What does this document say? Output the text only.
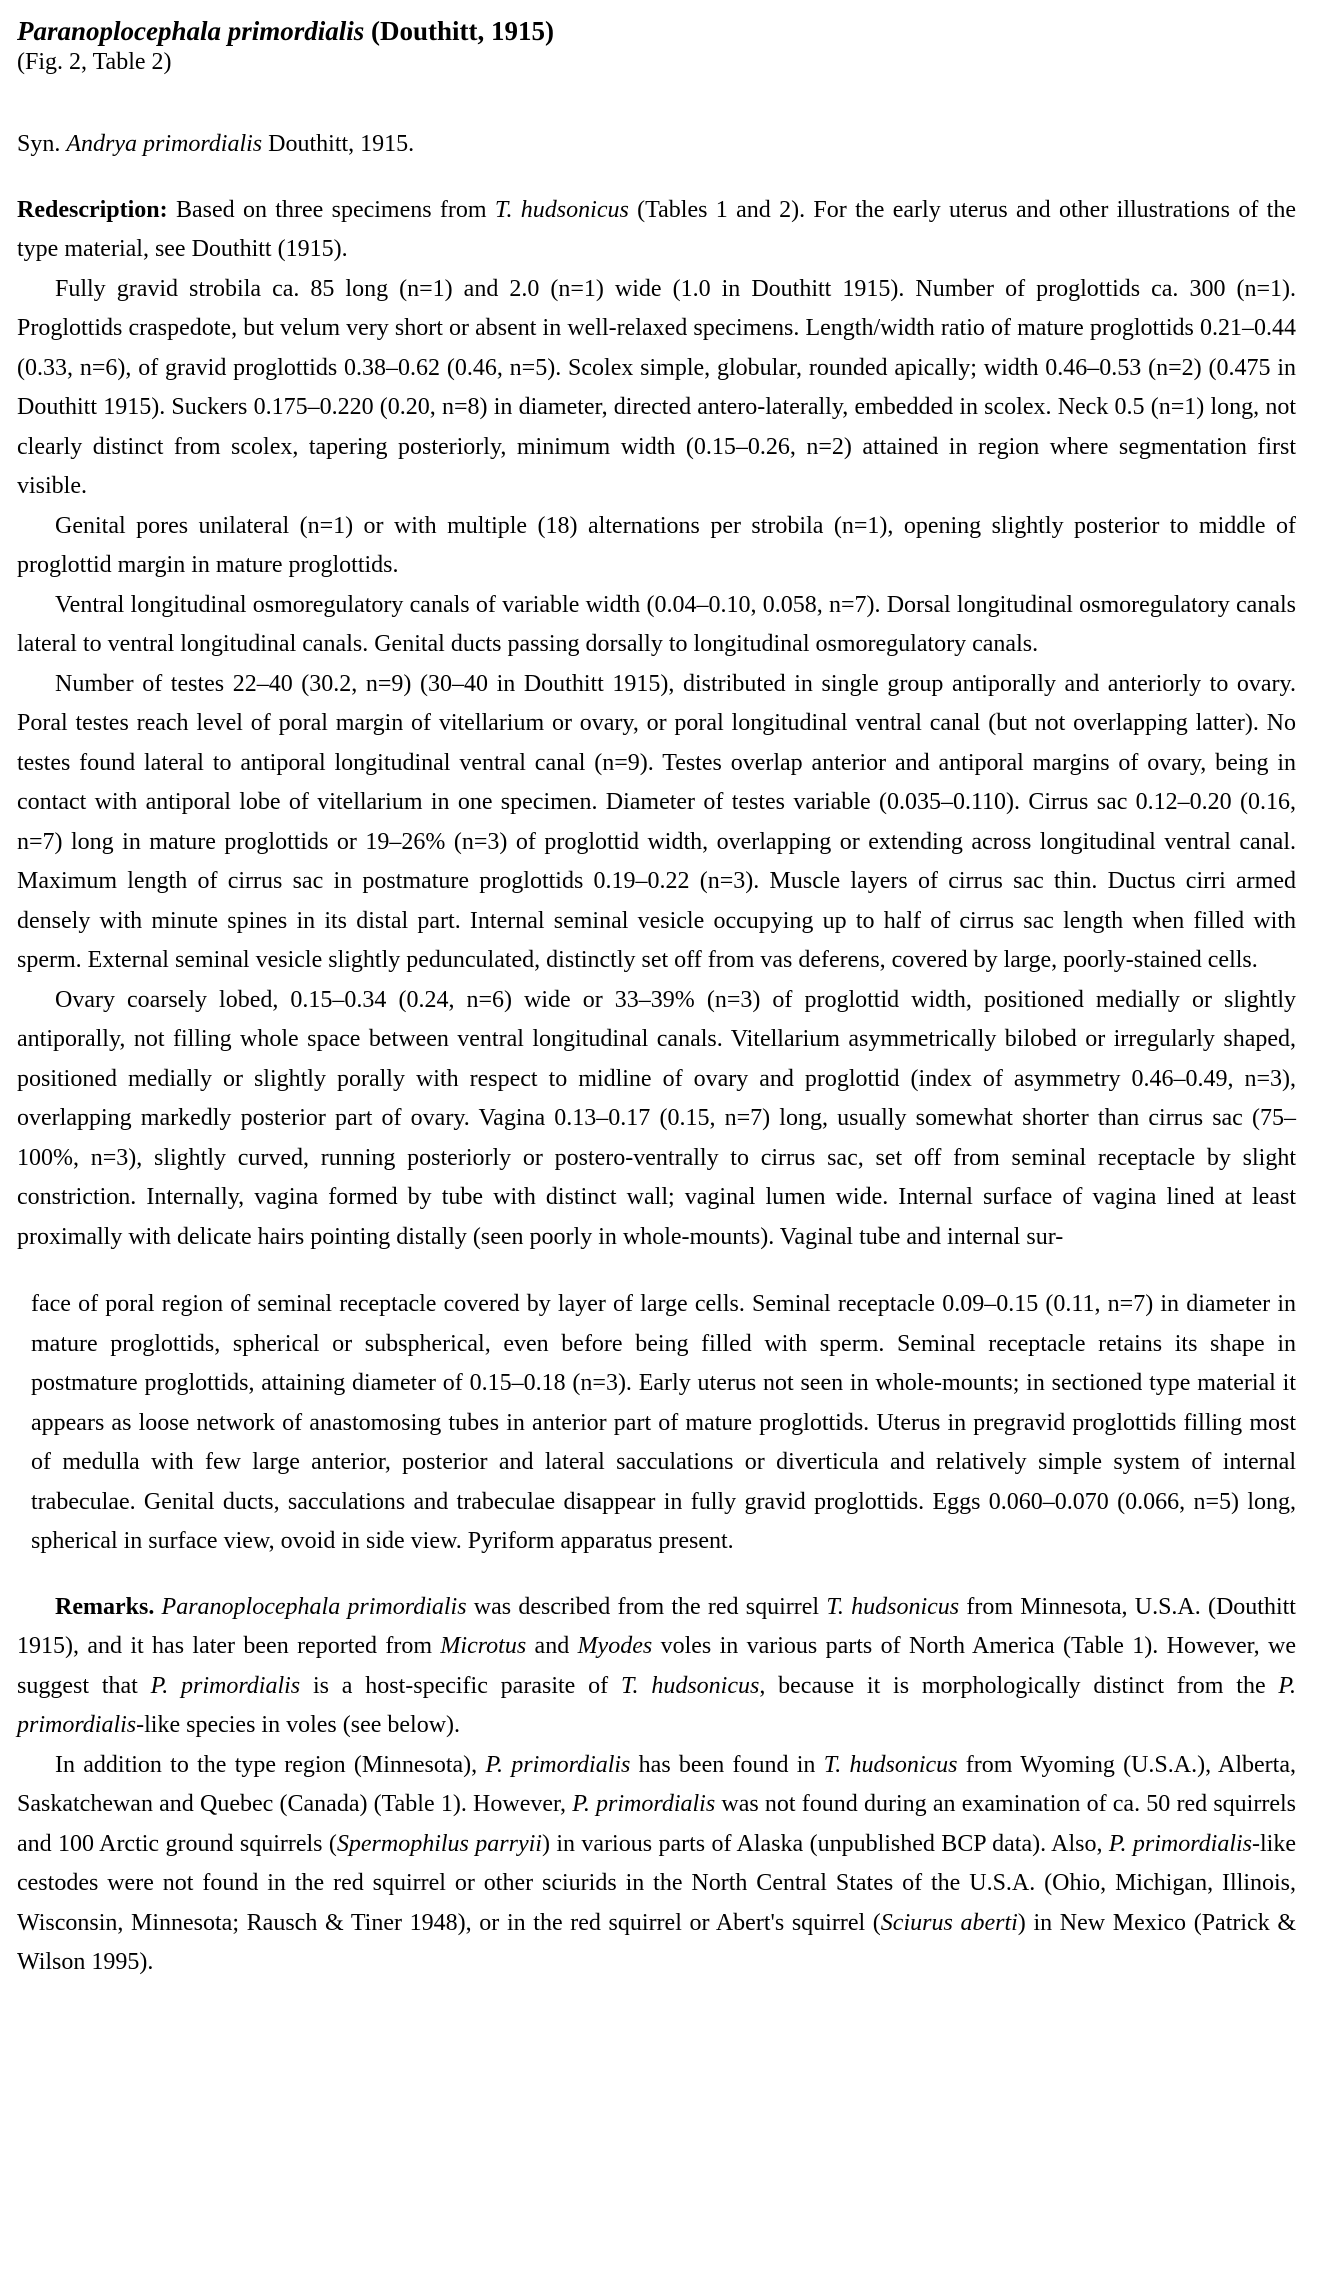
Paranoplocephala primordialis (Douthitt, 1915)
(Fig. 2, Table 2)
Syn. Andrya primordialis Douthitt, 1915.

Redescription: Based on three specimens from T. hudsonicus (Tables 1 and 2). For the early uterus and other illustrations of the type material, see Douthitt (1915).

Fully gravid strobila ca. 85 long (n=1) and 2.0 (n=1) wide (1.0 in Douthitt 1915). Number of proglottids ca. 300 (n=1). Proglottids craspedote, but velum very short or absent in well-relaxed specimens. Length/width ratio of mature proglottids 0.21–0.44 (0.33, n=6), of gravid proglottids 0.38–0.62 (0.46, n=5). Scolex simple, globular, rounded apically; width 0.46–0.53 (n=2) (0.475 in Douthitt 1915). Suckers 0.175–0.220 (0.20, n=8) in diameter, directed antero-laterally, embedded in scolex. Neck 0.5 (n=1) long, not clearly distinct from scolex, tapering posteriorly, minimum width (0.15–0.26, n=2) attained in region where segmentation first visible.

Genital pores unilateral (n=1) or with multiple (18) alternations per strobila (n=1), opening slightly posterior to middle of proglottid margin in mature proglottids.

Ventral longitudinal osmoregulatory canals of variable width (0.04–0.10, 0.058, n=7). Dorsal longitudinal osmoregulatory canals lateral to ventral longitudinal canals. Genital ducts passing dorsally to longitudinal osmoregulatory canals.

Number of testes 22–40 (30.2, n=9) (30–40 in Douthitt 1915), distributed in single group antiporally and anteriorly to ovary. Poral testes reach level of poral margin of vitellarium or ovary, or poral longitudinal ventral canal (but not overlapping latter). No testes found lateral to antiporal longitudinal ventral canal (n=9). Testes overlap anterior and antiporal margins of ovary, being in contact with antiporal lobe of vitellarium in one specimen. Diameter of testes variable (0.035–0.110). Cirrus sac 0.12–0.20 (0.16, n=7) long in mature proglottids or 19–26% (n=3) of proglottid width, overlapping or extending across longitudinal ventral canal. Maximum length of cirrus sac in postmature proglottids 0.19–0.22 (n=3). Muscle layers of cirrus sac thin. Ductus cirri armed densely with minute spines in its distal part. Internal seminal vesicle occupying up to half of cirrus sac length when filled with sperm. External seminal vesicle slightly pedunculated, distinctly set off from vas deferens, covered by large, poorly-stained cells.

Ovary coarsely lobed, 0.15–0.34 (0.24, n=6) wide or 33–39% (n=3) of proglottid width, positioned medially or slightly antiporally, not filling whole space between ventral longitudinal canals. Vitellarium asymmetrically bilobed or irregularly shaped, positioned medially or slightly porally with respect to midline of ovary and proglottid (index of asymmetry 0.46–0.49, n=3), overlapping markedly posterior part of ovary. Vagina 0.13–0.17 (0.15, n=7) long, usually somewhat shorter than cirrus sac (75–100%, n=3), slightly curved, running posteriorly or postero-ventrally to cirrus sac, set off from seminal receptacle by slight constriction. Internally, vagina formed by tube with distinct wall; vaginal lumen wide. Internal surface of vagina lined at least proximally with delicate hairs pointing distally (seen poorly in whole-mounts). Vaginal tube and internal sur-

face of poral region of seminal receptacle covered by layer of large cells. Seminal receptacle 0.09–0.15 (0.11, n=7) in diameter in mature proglottids, spherical or subspherical, even before being filled with sperm. Seminal receptacle retains its shape in postmature proglottids, attaining diameter of 0.15–0.18 (n=3). Early uterus not seen in whole-mounts; in sectioned type material it appears as loose network of anastomosing tubes in anterior part of mature proglottids. Uterus in pregravid proglottids filling most of medulla with few large anterior, posterior and lateral sacculations or diverticula and relatively simple system of internal trabeculae. Genital ducts, sacculations and trabeculae disappear in fully gravid proglottids. Eggs 0.060–0.070 (0.066, n=5) long, spherical in surface view, ovoid in side view. Pyriform apparatus present.

Remarks. Paranoplocephala primordialis was described from the red squirrel T. hudsonicus from Minnesota, U.S.A. (Douthitt 1915), and it has later been reported from Microtus and Myodes voles in various parts of North America (Table 1). However, we suggest that P. primordialis is a host-specific parasite of T. hudsonicus, because it is morphologically distinct from the P. primordialis-like species in voles (see below).

In addition to the type region (Minnesota), P. primordialis has been found in T. hudsonicus from Wyoming (U.S.A.), Alberta, Saskatchewan and Quebec (Canada) (Table 1). However, P. primordialis was not found during an examination of ca. 50 red squirrels and 100 Arctic ground squirrels (Spermophilus parryii) in various parts of Alaska (unpublished BCP data). Also, P. primordialis-like cestodes were not found in the red squirrel or other sciurids in the North Central States of the U.S.A. (Ohio, Michigan, Illinois, Wisconsin, Minnesota; Rausch & Tiner 1948), or in the red squirrel or Abert's squirrel (Sciurus aberti) in New Mexico (Patrick & Wilson 1995).
